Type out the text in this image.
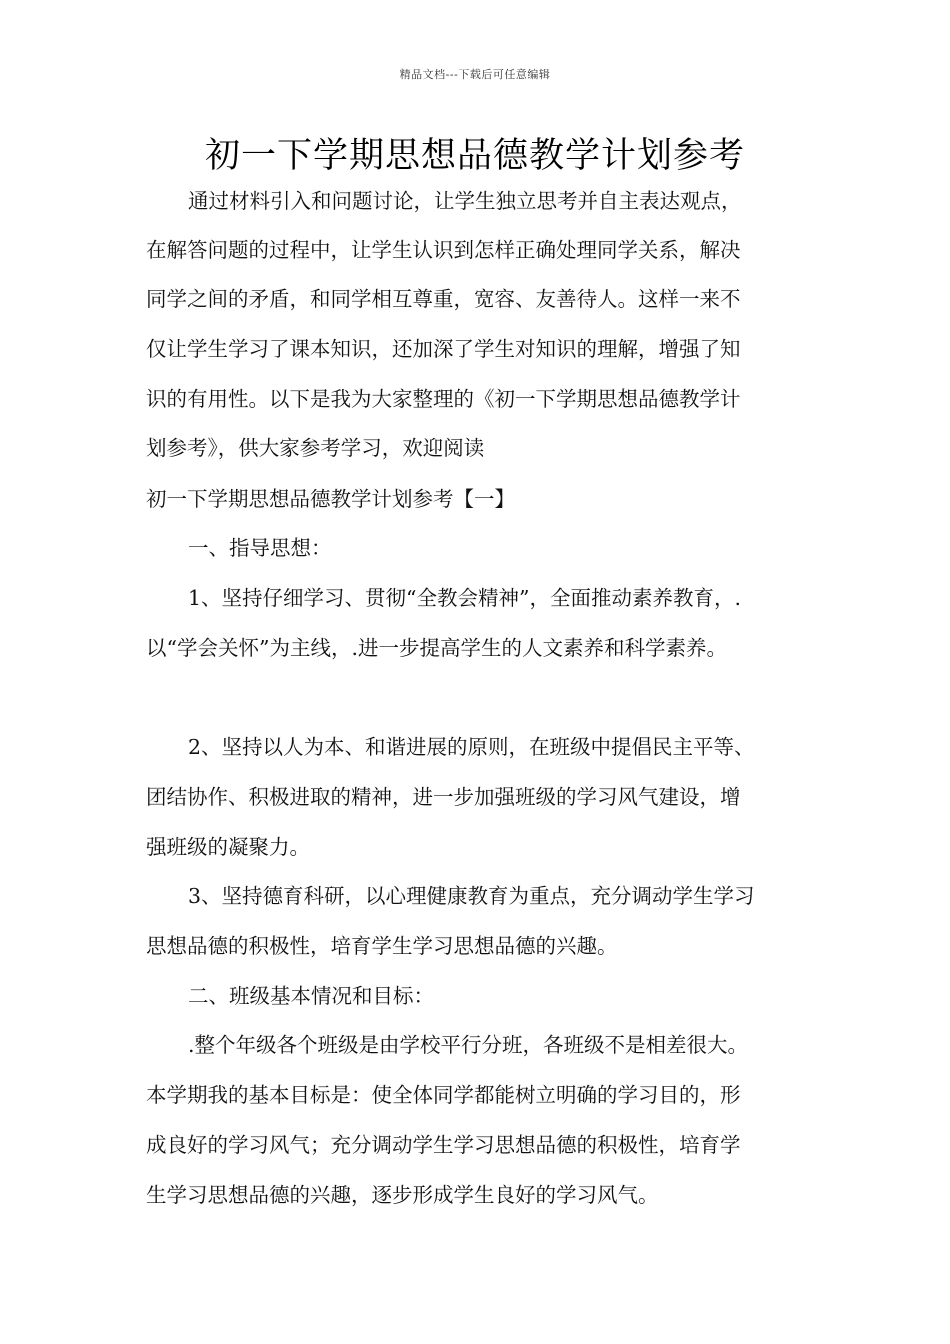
精品文档---下载后可任意编辑
初一下学期思想品德教学计划参考
通过材料引入和问题讨论，让学生独立思考并自主表达观点，
在解答问题的过程中，让学生认识到怎样正确处理同学关系，解决
同学之间的矛盾，和同学相互尊重，宽容、友善待人。这样一来不
仅让学生学习了课本知识，还加深了学生对知识的理解，增强了知
识的有用性。以下是我为大家整理的《初一下学期思想品德教学计
划参考》，供大家参考学习，欢迎阅读
初一下学期思想品德教学计划参考【一】
一、指导思想：
1、坚持仔细学习、贯彻“全教会精神”，全面推动素养教育，.
以“学会关怀”为主线，.进一步提高学生的人文素养和科学素养。
2、坚持以人为本、和谐进展的原则，在班级中提倡民主平等、
团结协作、积极进取的精神，进一步加强班级的学习风气建设，增
强班级的凝聚力。
3、坚持德育科研，以心理健康教育为重点，充分调动学生学习
思想品德的积极性，培育学生学习思想品德的兴趣。
二、班级基本情况和目标：
.整个年级各个班级是由学校平行分班，各班级不是相差很大。
本学期我的基本目标是：使全体同学都能树立明确的学习目的，形
成良好的学习风气；充分调动学生学习思想品德的积极性，培育学
生学习思想品德的兴趣，逐步形成学生良好的学习风气。
